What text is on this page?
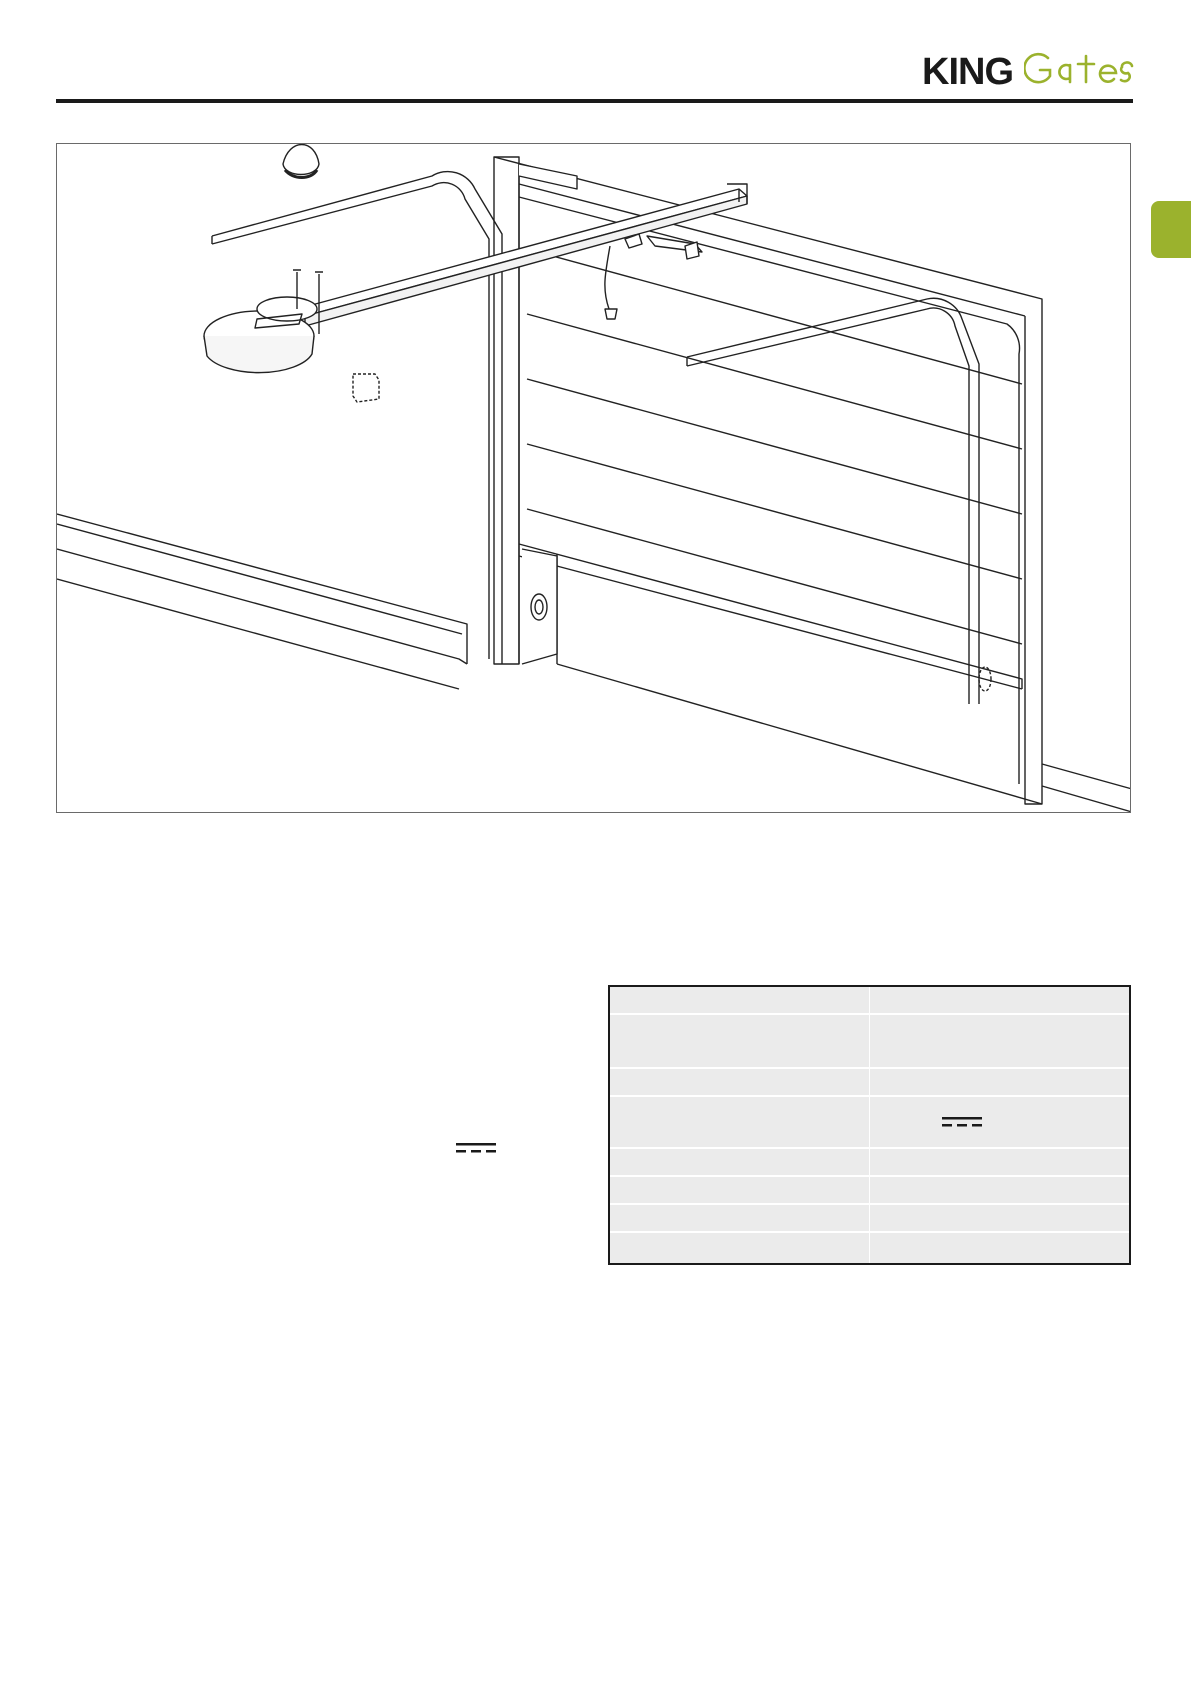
KING
